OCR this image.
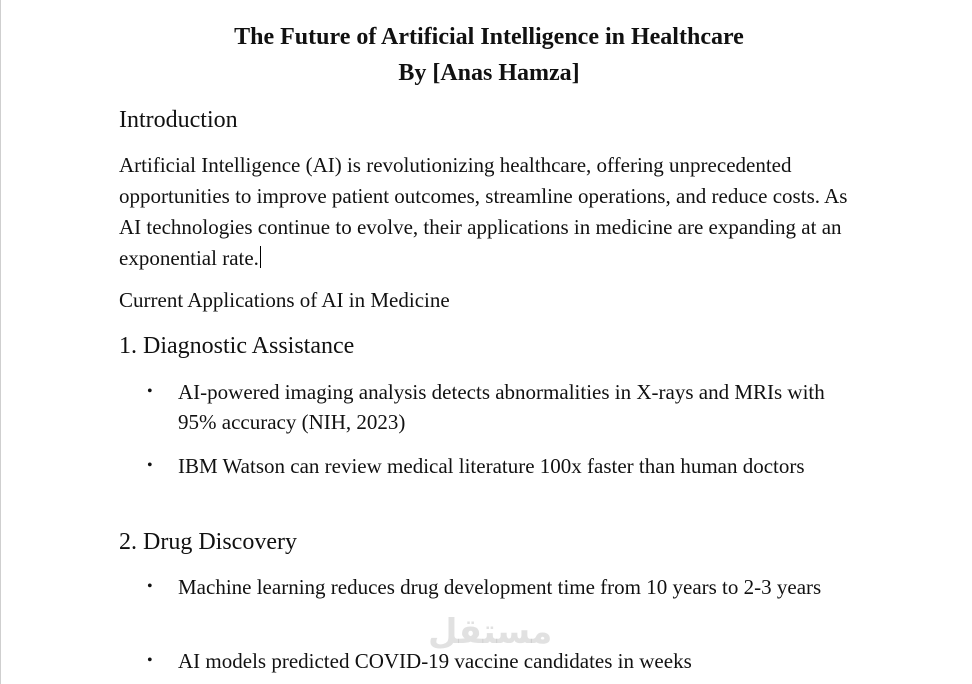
The Future of Artificial Intelligence in Healthcare
By [Anas Hamza]
Introduction

Artificial Intelligence (AI) is revolutionizing healthcare, offering unprecedented opportunities to improve patient outcomes, streamline operations, and reduce costs. As AI technologies continue to evolve, their applications in medicine are expanding at an exponential rate.

Current Applications of AI in Medicine
1. Diagnostic Assistance
• AI-powered imaging analysis detects abnormalities in X-rays and MRIs with 95% accuracy (NIH, 2023)
• IBM Watson can review medical literature 100x faster than human doctors
2. Drug Discovery
• Machine learning reduces drug development time from 10 years to 2-3 years
• AI models predicted COVID-19 vaccine candidates in weeks
مستقل
